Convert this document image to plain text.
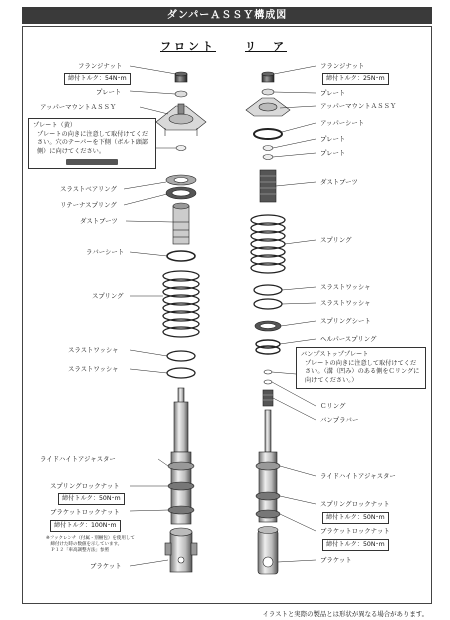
ダンパーＡＳＳＹ構成図
フロント	リ　ア
フランジナット
締付トルク：54N･m
プレート
アッパーマウントＡＳＳＹ
プレート（黄）
プレートの向きに注意して取付けてください。穴のテーパーを下側（ボルト頭部側）に向けてください。
スラストベアリング
リテーナスプリング
ダストブーツ
ラバーシート
スプリング
スラストワッシャ
スラストワッシャ
ライドハイトアジャスター
スプリングロックナット
締付トルク：50N･m
ブラケットロックナット
締付トルク：100N･m
※フックレンチ（付属・別梱包）を使用して
　締付けた時の数値を示しています。
　Ｐ１２「車高調整方法」参照
ブラケット
フランジナット
締付トルク：25N･m
プレート
アッパーマウントＡＳＳＹ
アッパーシート
プレート
プレート
ダストブーツ
スプリング
スラストワッシャ
スラストワッシャ
スプリングシート
ヘルパースプリング
バンプストッププレート
プレートの向きに注意して取付けてください。（溝（凹み）のある側をＣリングに向けてください。）
Ｃリング
バンプラバー
ライドハイトアジャスター
スプリングロックナット
締付トルク：50N･m
ブラケットロックナット
締付トルク：50N･m
ブラケット
イラストと実際の製品とは形状が異なる場合があります。
